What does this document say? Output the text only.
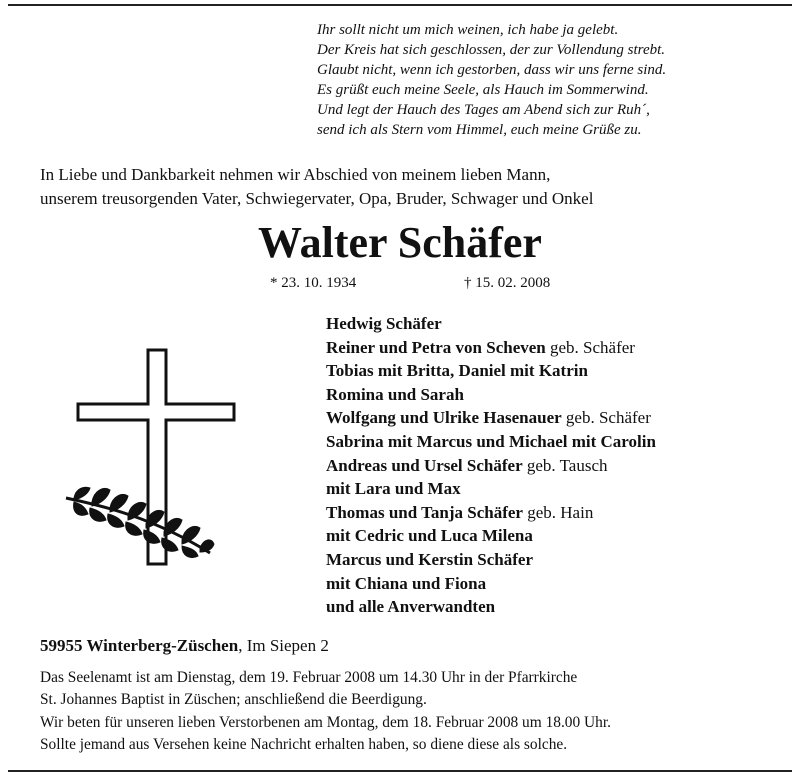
Ihr sollt nicht um mich weinen, ich habe ja gelebt.
Der Kreis hat sich geschlossen, der zur Vollendung strebt.
Glaubt nicht, wenn ich gestorben, dass wir uns ferne sind.
Es grüßt euch meine Seele, als Hauch im Sommerwind.
Und legt der Hauch des Tages am Abend sich zur Ruh´,
send ich als Stern vom Himmel, euch meine Grüße zu.
In Liebe und Dankbarkeit nehmen wir Abschied von meinem lieben Mann,
unserem treusorgenden Vater, Schwiegervater, Opa, Bruder, Schwager und Onkel
Walter Schäfer
* 23. 10. 1934	† 15. 02. 2008
Hedwig Schäfer
Reiner und Petra von Scheven geb. Schäfer
Tobias mit Britta, Daniel mit Katrin
Romina und Sarah
Wolfgang und Ulrike Hasenauer geb. Schäfer
Sabrina mit Marcus und Michael mit Carolin
Andreas und Ursel Schäfer geb. Tausch
mit Lara und Max
Thomas und Tanja Schäfer geb. Hain
mit Cedric und Luca Milena
Marcus und Kerstin Schäfer
mit Chiana und Fiona
und alle Anverwandten
59955 Winterberg-Züschen, Im Siepen 2
Das Seelenamt ist am Dienstag, dem 19. Februar 2008 um 14.30 Uhr in der Pfarrkirche
St. Johannes Baptist in Züschen; anschließend die Beerdigung.
Wir beten für unseren lieben Verstorbenen am Montag, dem 18. Februar 2008 um 18.00 Uhr.
Sollte jemand aus Versehen keine Nachricht erhalten haben, so diene diese als solche.
